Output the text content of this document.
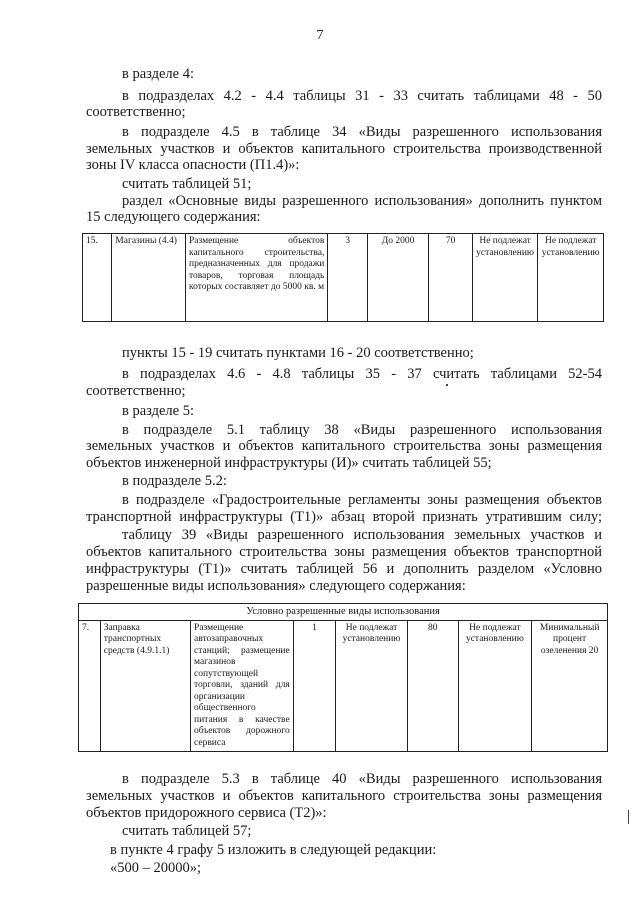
7
в разделе 4:
в подразделах 4.2 - 4.4 таблицы 31 - 33 считать таблицами 48 - 50
соответственно;
в подразделе 4.5 в таблице 34 «Виды разрешенного использования
земельных участков и объектов капитального строительства производственной
зоны IV класса опасности (П1.4)»:
считать таблицей 51;
раздел «Основные виды разрешенного использования» дополнить пунктом
15 следующего содержания:
15.	Магазины (4.4)	Размещение объектов капитального строительства, предназначенных для продажи товаров, торговая площадь которых составляет до 5000 кв. м	3	До 2000	70	Не подлежат установлению	Не подлежат установлению
пункты 15 - 19 считать пунктами 16 - 20 соответственно;
в подразделах 4.6 - 4.8 таблицы 35 - 37 считать таблицами 52-54
соответственно;
в разделе 5:
в подразделе 5.1 таблицу 38 «Виды разрешенного использования
земельных участков и объектов капитального строительства зоны размещения
объектов инженерной инфраструктуры (И)» считать таблицей 55;
в подразделе 5.2:
в подразделе «Градостроительные регламенты зоны размещения объектов
транспортной инфраструктуры (Т1)» абзац второй признать утратившим силу;
таблицу 39 «Виды разрешенного использования земельных участков и
объектов капитального строительства зоны размещения объектов транспортной
инфраструктуры (Т1)» считать таблицей 56 и дополнить разделом «Условно
разрешенные виды использования» следующего содержания:
Условно разрешенные виды использования
7.	Заправка транспортных средств (4.9.1.1)	Размещение автозаправочных станций; размещение магазинов сопутствующей торговли, зданий для организации общественного питания в качестве объектов дорожного сервиса	1	Не подлежат установлению	80	Не подлежат установлению	Минимальный процент озеленения 20
в подразделе 5.3 в таблице 40 «Виды разрешенного использования
земельных участков и объектов капитального строительства зоны размещения
объектов придорожного сервиса (Т2)»:
считать таблицей 57;
в пункте 4 графу 5 изложить в следующей редакции:
«500 – 20000»;
